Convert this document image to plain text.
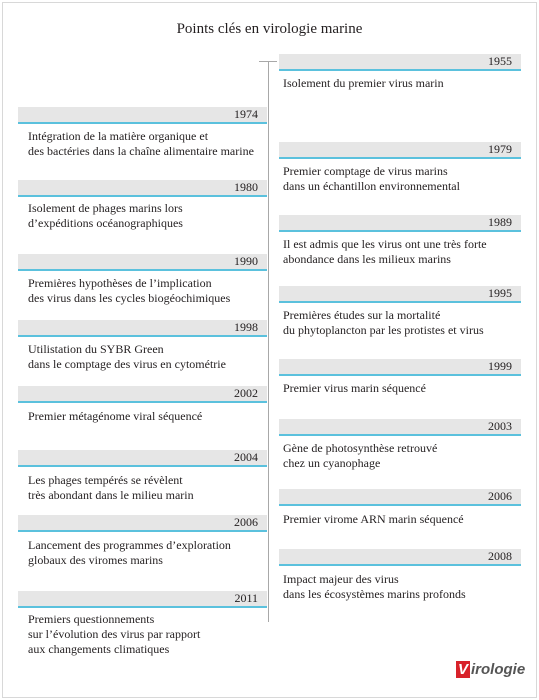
Points clés en virologie marine
1974
Intégration de la matière organique et
des bactéries dans la chaîne alimentaire marine
1980
Isolement de phages marins lors
d’expéditions océanographiques
1990
Premières hypothèses de l’implication
des virus dans les cycles biogéochimiques
1998
Utilistation du SYBR Green
dans le comptage des virus en cytométrie
2002
Premier métagénome viral séquencé
2004
Les phages tempérés se révèlent
très abondant dans le milieu marin
2006
Lancement des programmes d’exploration
globaux des viromes marins
2011
Premiers questionnements
sur l’évolution des virus par rapport
aux changements climatiques
1955
Isolement du premier virus marin
1979
Premier comptage de virus marins
dans un échantillon environnemental
1989
Il est admis que les virus ont une très forte
abondance dans les milieux marins
1995
Premières études sur la mortalité
du phytoplancton par les protistes et virus
1999
Premier virus marin séquencé
2003
Gène de photosynthèse retrouvé
chez un cyanophage
2006
Premier virome ARN marin séquencé
2008
Impact majeur des virus
dans les écosystèmes marins profonds
V irologie
